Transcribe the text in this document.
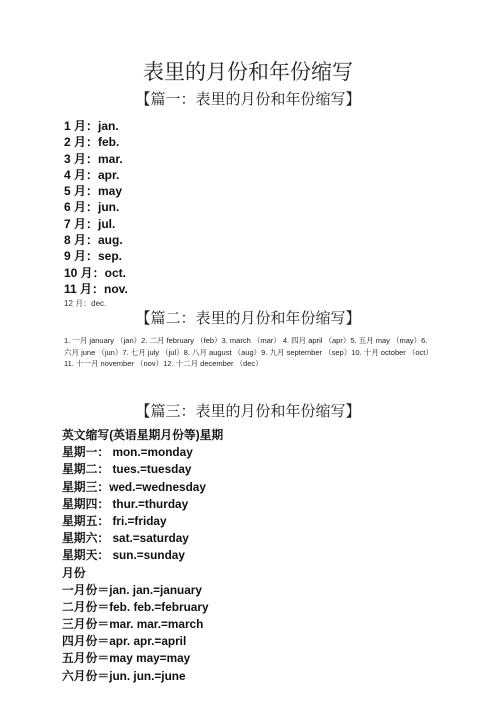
表里的月份和年份缩写
【篇一：表里的月份和年份缩写】
1 月：jan.
2 月：feb.
3 月：mar.
4 月：apr.
5 月：may
6 月：jun.
7 月：jul.
8 月：aug.
9 月：sep.
10 月：oct.
11 月：nov.
12 月：dec.
【篇二：表里的月份和年份缩写】

1. 一月 january （jan）2. 二月 february （feb）3. march （mar） 4. 四月 april （apr）5. 五月 may （may）6. 六月 june （jun）7. 七月 july （jul）8. 八月 august （aug）9. 九月 september （sep）10. 十月 october （oct） 11. 十一月 november （nov）12. 十二月 december （dec）

【篇三：表里的月份和年份缩写】
英文缩写(英语星期月份等)星期
星期一： mon.=monday
星期二： tues.=tuesday
星期三：wed.=wednesday
星期四： thur.=thurday
星期五： fri.=friday
星期六： sat.=saturday
星期天： sun.=sunday
月份
一月份＝jan. jan.=january
二月份＝feb. feb.=february
三月份＝mar. mar.=march
四月份＝apr. apr.=april
五月份＝may may=may
六月份＝jun. jun.=june
